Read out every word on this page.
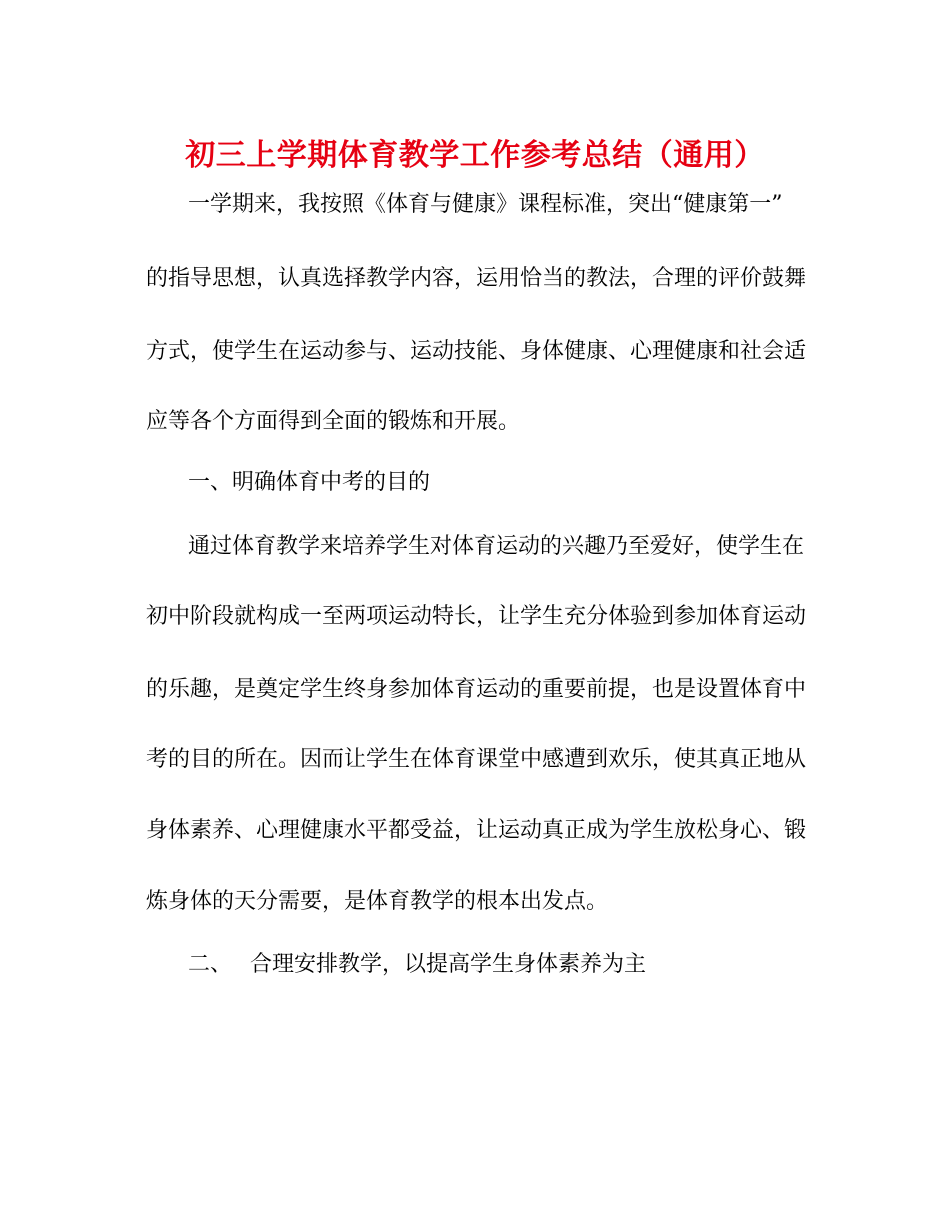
初三上学期体育教学工作参考总结（通用）

一学期来，我按照《体育与健康》课程标准，突出“健康第一”

的指导思想，认真选择教学内容，运用恰当的教法，合理的评价鼓舞

方式，使学生在运动参与、运动技能、身体健康、心理健康和社会适

应等各个方面得到全面的锻炼和开展。

一、明确体育中考的目的

通过体育教学来培养学生对体育运动的兴趣乃至爱好，使学生在

初中阶段就构成一至两项运动特长，让学生充分体验到参加体育运动

的乐趣，是奠定学生终身参加体育运动的重要前提，也是设置体育中

考的目的所在。因而让学生在体育课堂中感遭到欢乐，使其真正地从

身体素养、心理健康水平都受益，让运动真正成为学生放松身心、锻

炼身体的天分需要，是体育教学的根本出发点。

二、 合理安排教学，以提高学生身体素养为主
